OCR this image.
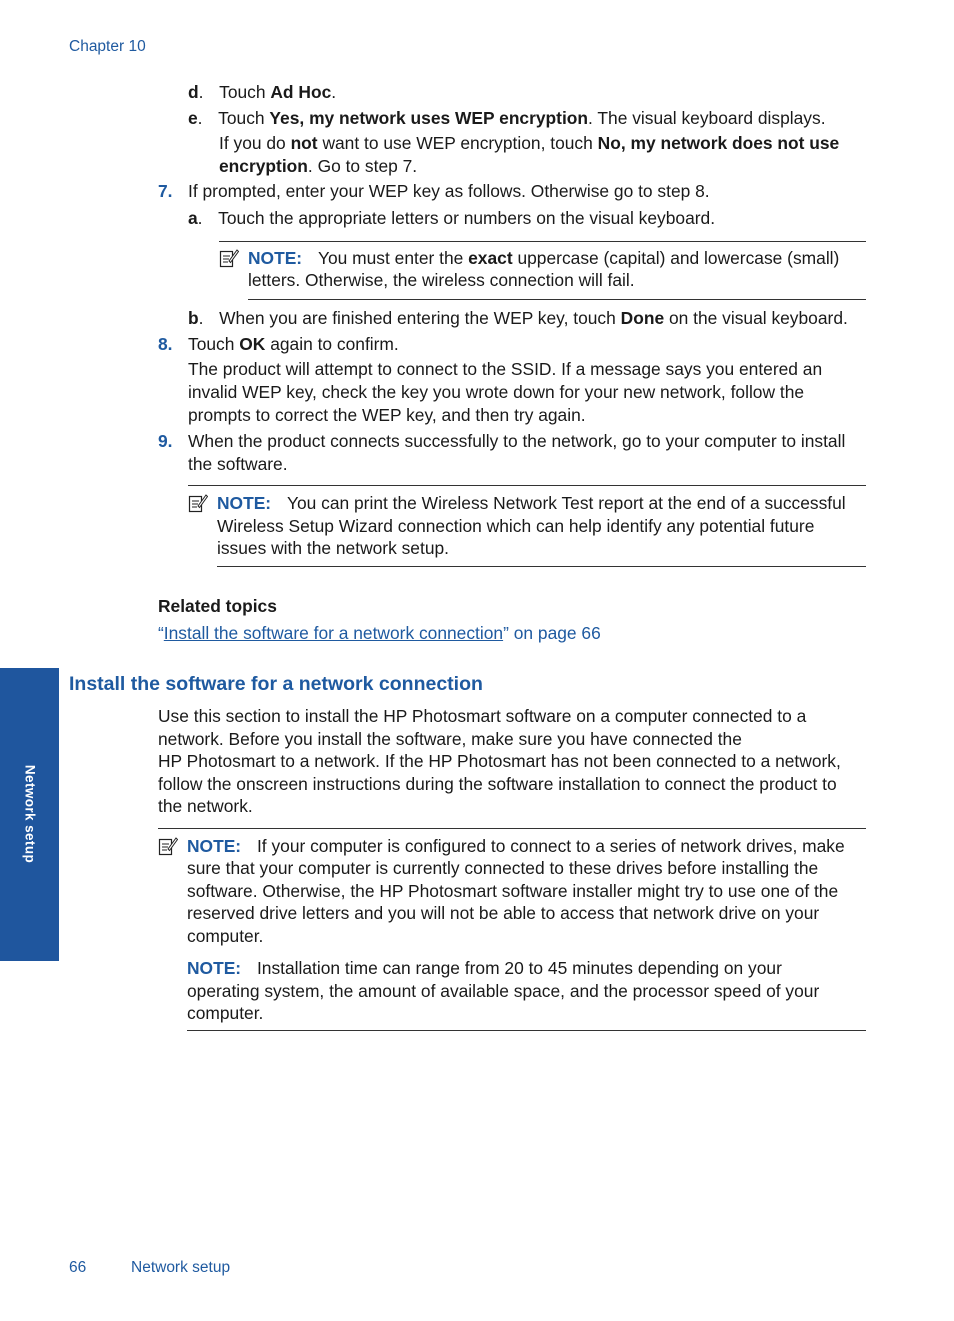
Chapter 10
Network setup
d.  Touch Ad Hoc.
e.  Touch Yes, my network uses WEP encryption. The visual keyboard displays.
If you do not want to use WEP encryption, touch No, my network does not use
encryption. Go to step 7.
7. If prompted, enter your WEP key as follows. Otherwise go to step 8.
a.  Touch the appropriate letters or numbers on the visual keyboard.
NOTE: You must enter the exact uppercase (capital) and lowercase (small)
letters. Otherwise, the wireless connection will fail.
b.  When you are finished entering the WEP key, touch Done on the visual keyboard.
8. Touch OK again to confirm.
The product will attempt to connect to the SSID. If a message says you entered an
invalid WEP key, check the key you wrote down for your new network, follow the
prompts to correct the WEP key, and then try again.
9. When the product connects successfully to the network, go to your computer to install
the software.
NOTE: You can print the Wireless Network Test report at the end of a successful
Wireless Setup Wizard connection which can help identify any potential future
issues with the network setup.
Related topics
“Install the software for a network connection” on page 66
Install the software for a network connection
Use this section to install the HP Photosmart software on a computer connected to a
network. Before you install the software, make sure you have connected the
HP Photosmart to a network. If the HP Photosmart has not been connected to a network,
follow the onscreen instructions during the software installation to connect the product to
the network.
NOTE: If your computer is configured to connect to a series of network drives, make
sure that your computer is currently connected to these drives before installing the
software. Otherwise, the HP Photosmart software installer might try to use one of the
reserved drive letters and you will not be able to access that network drive on your
computer.
NOTE: Installation time can range from 20 to 45 minutes depending on your
operating system, the amount of available space, and the processor speed of your
computer.
66	Network setup
